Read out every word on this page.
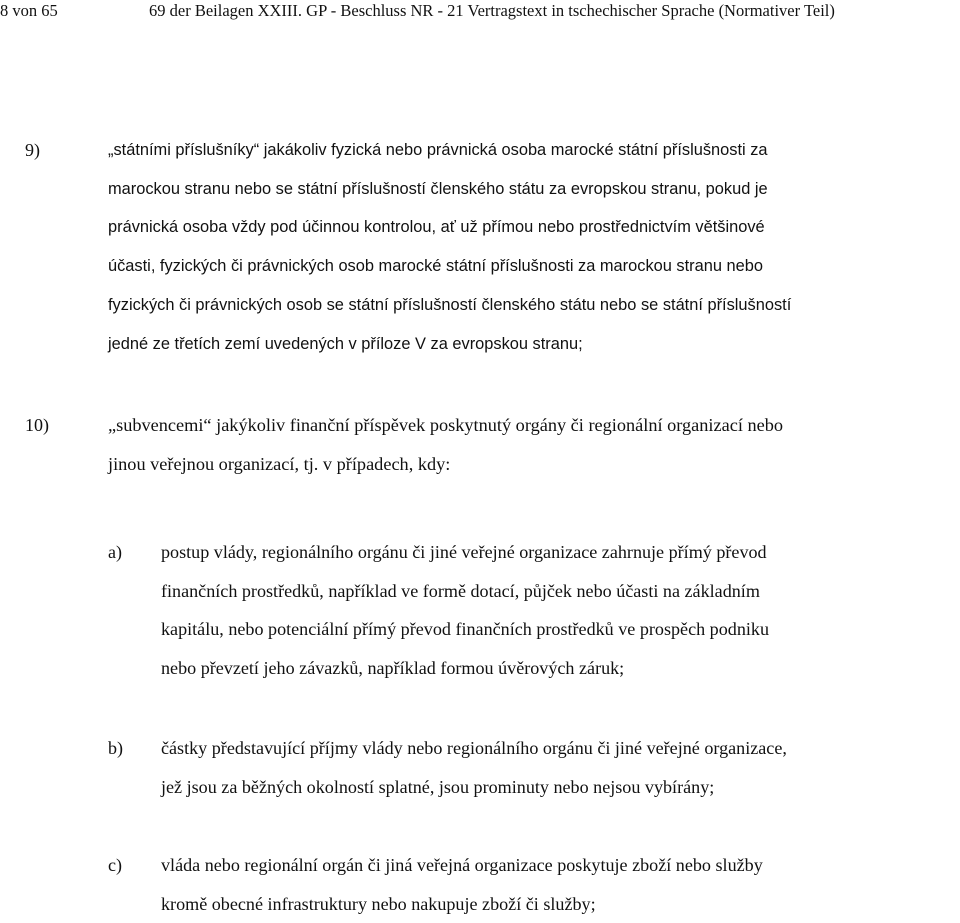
8 von 65	69 der Beilagen XXIII. GP - Beschluss NR - 21 Vertragstext in tschechischer Sprache (Normativer Teil)
9)	„státními příslušníky“ jakákoliv fyzická nebo právnická osoba marocké státní příslušnosti za
marockou stranu nebo se státní příslušností členského státu za evropskou stranu, pokud je
právnická osoba vždy pod účinnou kontrolou, ať už přímou nebo prostřednictvím většinové
účasti, fyzických či právnických osob marocké státní příslušnosti za marockou stranu nebo
fyzických či právnických osob se státní příslušností členského státu nebo se státní příslušností
jedné ze třetích zemí uvedených v příloze V za evropskou stranu;
10)	„subvencemi“ jakýkoliv finanční příspěvek poskytnutý orgány či regionální organizací nebo
jinou veřejnou organizací, tj. v případech, kdy:
a) postup vlády, regionálního orgánu či jiné veřejné organizace zahrnuje přímý převod
finančních prostředků, například ve formě dotací, půjček nebo účasti na základním
kapitálu, nebo potenciální přímý převod finančních prostředků ve prospěch podniku
nebo převzetí jeho závazků, například formou úvěrových záruk;
b) částky představující příjmy vlády nebo regionálního orgánu či jiné veřejné organizace,
jež jsou za běžných okolností splatné, jsou prominuty nebo nejsou vybírány;
c) vláda nebo regionální orgán či jiná veřejná organizace poskytuje zboží nebo služby
kromě obecné infrastruktury nebo nakupuje zboží či služby;
